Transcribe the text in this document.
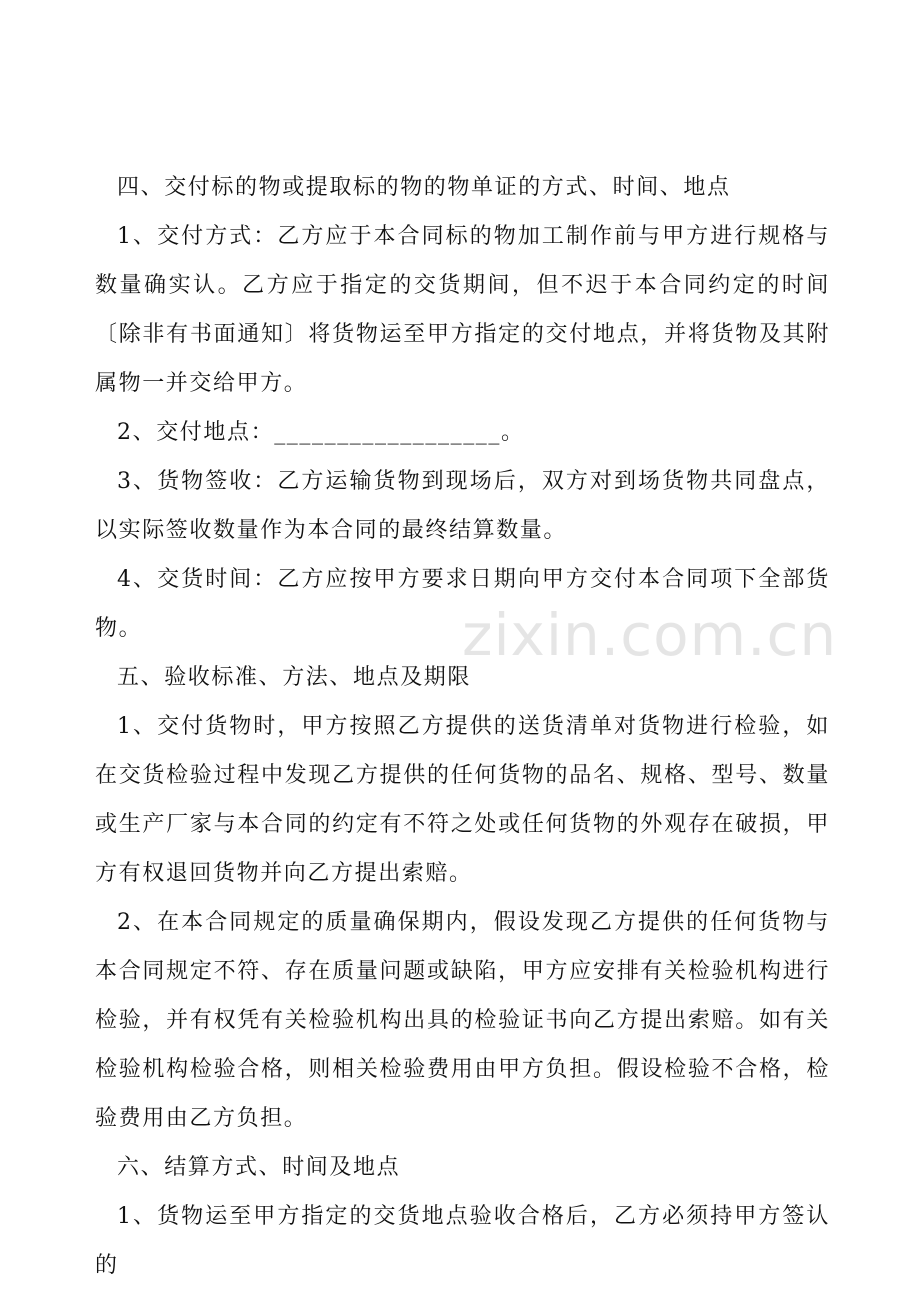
四、交付标的物或提取标的物的物单证的方式、时间、地点

1、交付方式：乙方应于本合同标的物加工制作前与甲方进行规格与数量确实认。乙方应于指定的交货期间，但不迟于本合同约定的时间〔除非有书面通知〕将货物运至甲方指定的交付地点，并将货物及其附属物一并交给甲方。

2、交付地点：__________________。

3、货物签收：乙方运输货物到现场后，双方对到场货物共同盘点，以实际签收数量作为本合同的最终结算数量。

4、交货时间：乙方应按甲方要求日期向甲方交付本合同项下全部货物。

五、验收标准、方法、地点及期限

1、交付货物时，甲方按照乙方提供的送货清单对货物进行检验，如在交货检验过程中发现乙方提供的任何货物的品名、规格、型号、数量或生产厂家与本合同的约定有不符之处或任何货物的外观存在破损，甲方有权退回货物并向乙方提出索赔。

2、在本合同规定的质量确保期内，假设发现乙方提供的任何货物与本合同规定不符、存在质量问题或缺陷，甲方应安排有关检验机构进行检验，并有权凭有关检验机构出具的检验证书向乙方提出索赔。如有关检验机构检验合格，则相关检验费用由甲方负担。假设检验不合格，检验费用由乙方负担。

六、结算方式、时间及地点

1、货物运至甲方指定的交货地点验收合格后，乙方必须持甲方签认的

zixin.com.cn
